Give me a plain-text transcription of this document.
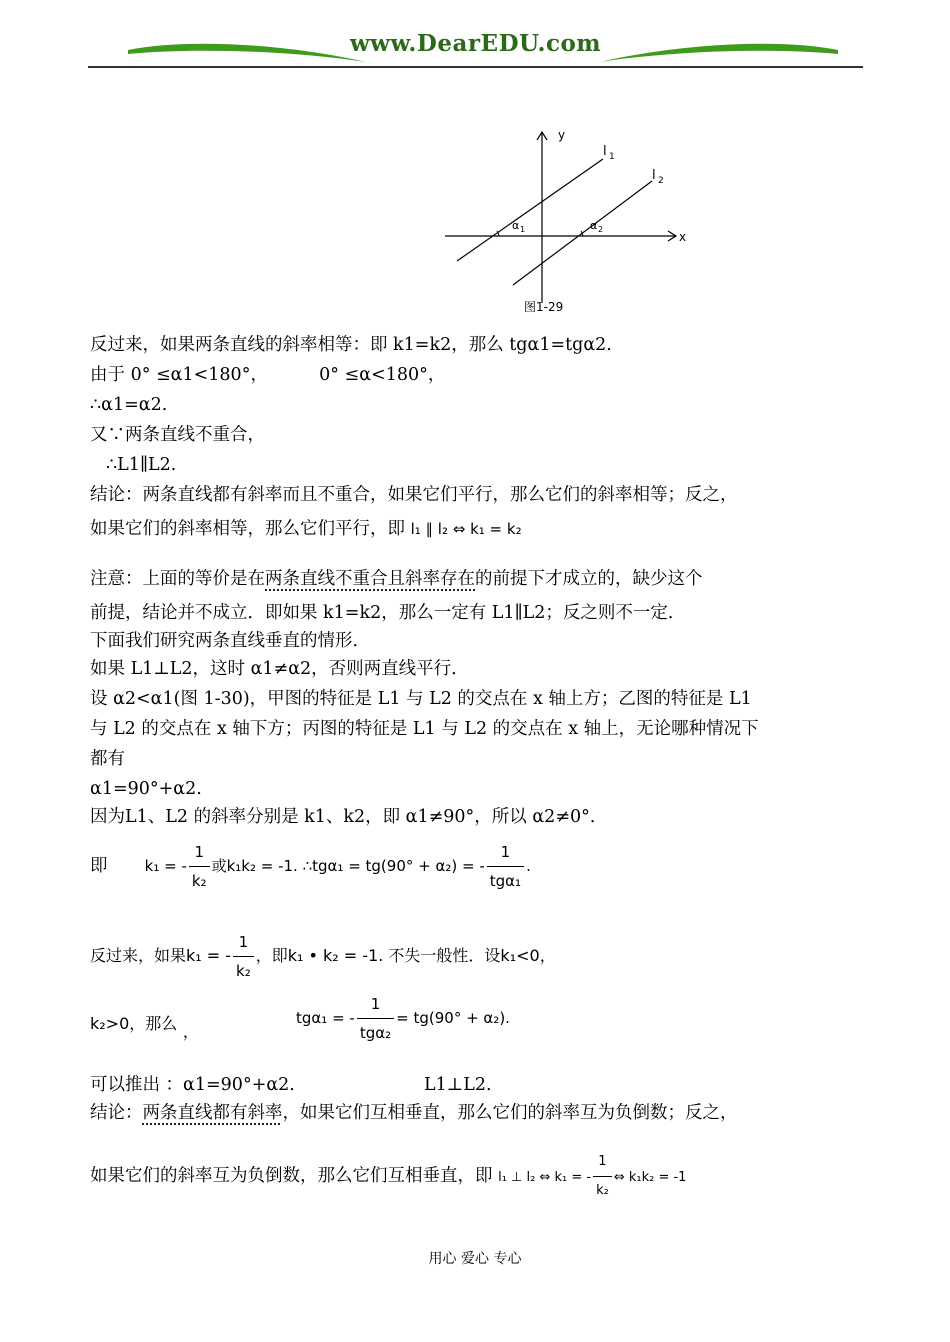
www.DearEDU.com
y
x
l 1
l 2
α 1	α 2
图1-29
反过来，如果两条直线的斜率相等：即 k1=k2，那么 tgα1=tgα2.
由于 0° ≤α1<180°，	0° ≤α<180°，
∴α1=α2.
又∵两条直线不重合，
∴L1∥L2.
结论：两条直线都有斜率而且不重合，如果它们平行，那么它们的斜率相等；反之，
如果它们的斜率相等，那么它们平行，即 l₁ ∥ l₂ ⇔ k₁ = k₂
注意：上面的等价是在两条直线不重合且斜率存在的前提下才成立的，缺少这个
前提，结论并不成立．即如果 k1=k2，那么一定有 L1∥L2；反之则不一定．
下面我们研究两条直线垂直的情形．
如果 L1⊥L2，这时 α1≠α2，否则两直线平行．
设 α2<α1(图 1-30)，甲图的特征是 L1 与 L2 的交点在 x 轴上方；乙图的特征是 L1
与 L2 的交点在 x 轴下方；丙图的特征是 L1 与 L2 的交点在 x 轴上，无论哪种情况下
都有
α1=90°+α2.
因为L1、L2 的斜率分别是 k1、k2，即 α1≠90°，所以 α2≠0°．
即 k₁ = - $\frac{1}{\text{k₂}}$ 或k₁k₂ = -1. ∴tgα₁ = tg(90° + α₂) = - $\frac{1}{\text{tgα₁}}$ .
反过来，如果k₁ = - $\frac{1}{\text{k₂}}$ ，即k₁ • k₂ = -1. 不失一般性．设k₁<0，
k₂>0，那么 ，
tgα₁ = - $\frac{1}{\text{tgα₂}} = tg(90^\circ + \alpha_2)$.
可以推出 ：α1=90°+α2.	L1⊥L2.
结论：两条直线都有斜率，如果它们互相垂直，那么它们的斜率互为负倒数；反之，
如果它们的斜率互为负倒数，那么它们互相垂直，即 l₁ ⊥ l₂ ⇔ k₁ = - $\frac{1}{\text{k₂}}$ ⇔ k₁k₂ = -1
用心 爱心 专心
